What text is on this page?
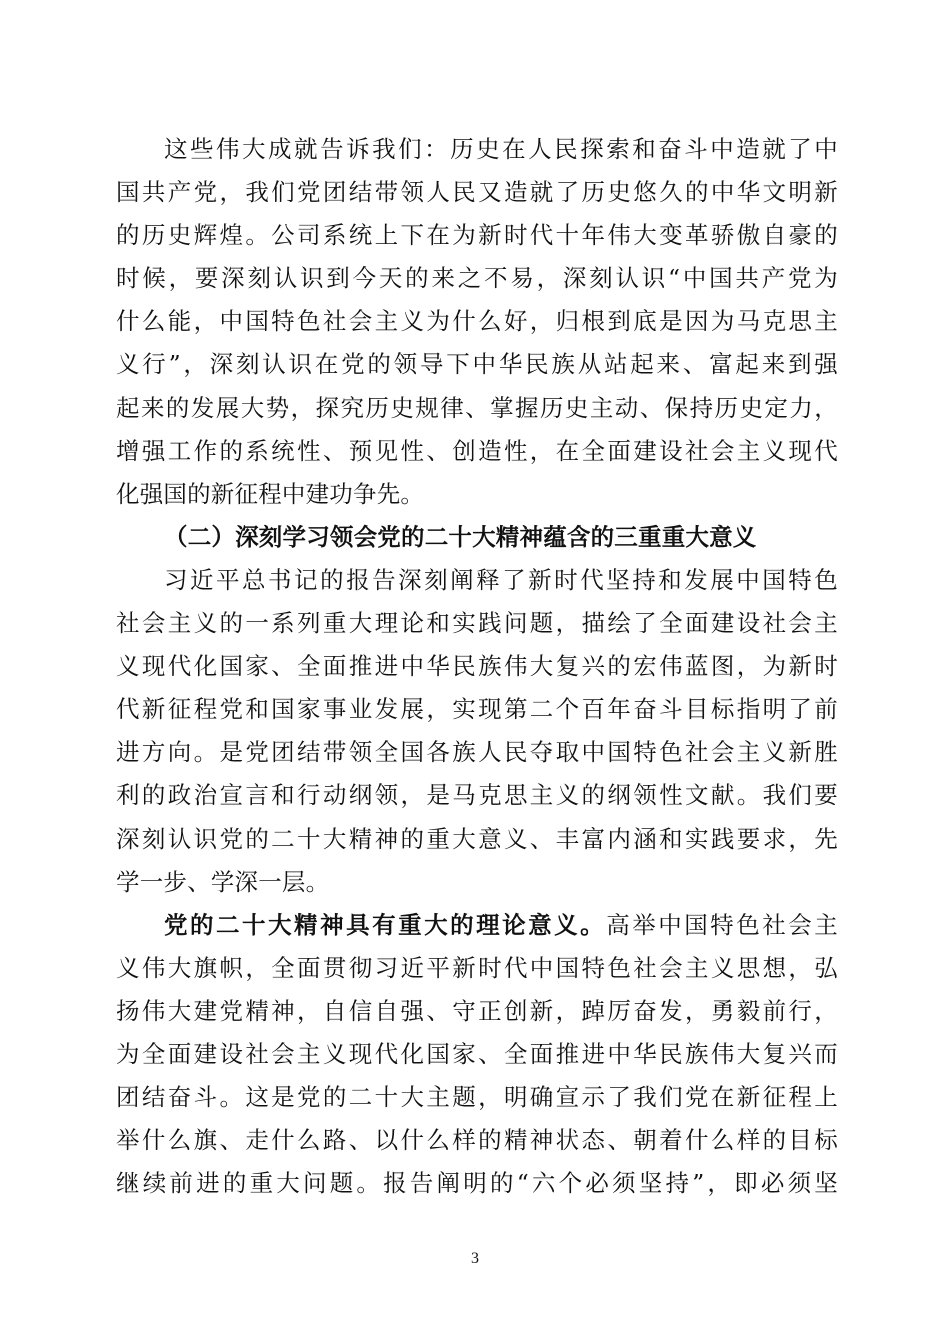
这些伟大成就告诉我们：历史在人民探索和奋斗中造就了中
国共产党，我们党团结带领人民又造就了历史悠久的中华文明新
的历史辉煌。公司系统上下在为新时代十年伟大变革骄傲自豪的
时候，要深刻认识到今天的来之不易，深刻认识“中国共产党为
什么能，中国特色社会主义为什么好，归根到底是因为马克思主
义行”，深刻认识在党的领导下中华民族从站起来、富起来到强
起来的发展大势，探究历史规律、掌握历史主动、保持历史定力，
增强工作的系统性、预见性、创造性，在全面建设社会主义现代
化强国的新征程中建功争先。
（二）深刻学习领会党的二十大精神蕴含的三重重大意义
习近平总书记的报告深刻阐释了新时代坚持和发展中国特色
社会主义的一系列重大理论和实践问题，描绘了全面建设社会主
义现代化国家、全面推进中华民族伟大复兴的宏伟蓝图，为新时
代新征程党和国家事业发展，实现第二个百年奋斗目标指明了前
进方向。是党团结带领全国各族人民夺取中国特色社会主义新胜
利的政治宣言和行动纲领，是马克思主义的纲领性文献。我们要
深刻认识党的二十大精神的重大意义、丰富内涵和实践要求，先
学一步、学深一层。
党的二十大精神具有重大的理论意义。高举中国特色社会主
义伟大旗帜，全面贯彻习近平新时代中国特色社会主义思想，弘
扬伟大建党精神，自信自强、守正创新，踔厉奋发，勇毅前行，
为全面建设社会主义现代化国家、全面推进中华民族伟大复兴而
团结奋斗。这是党的二十大主题，明确宣示了我们党在新征程上
举什么旗、走什么路、以什么样的精神状态、朝着什么样的目标
继续前进的重大问题。报告阐明的“六个必须坚持”，即必须坚
3
